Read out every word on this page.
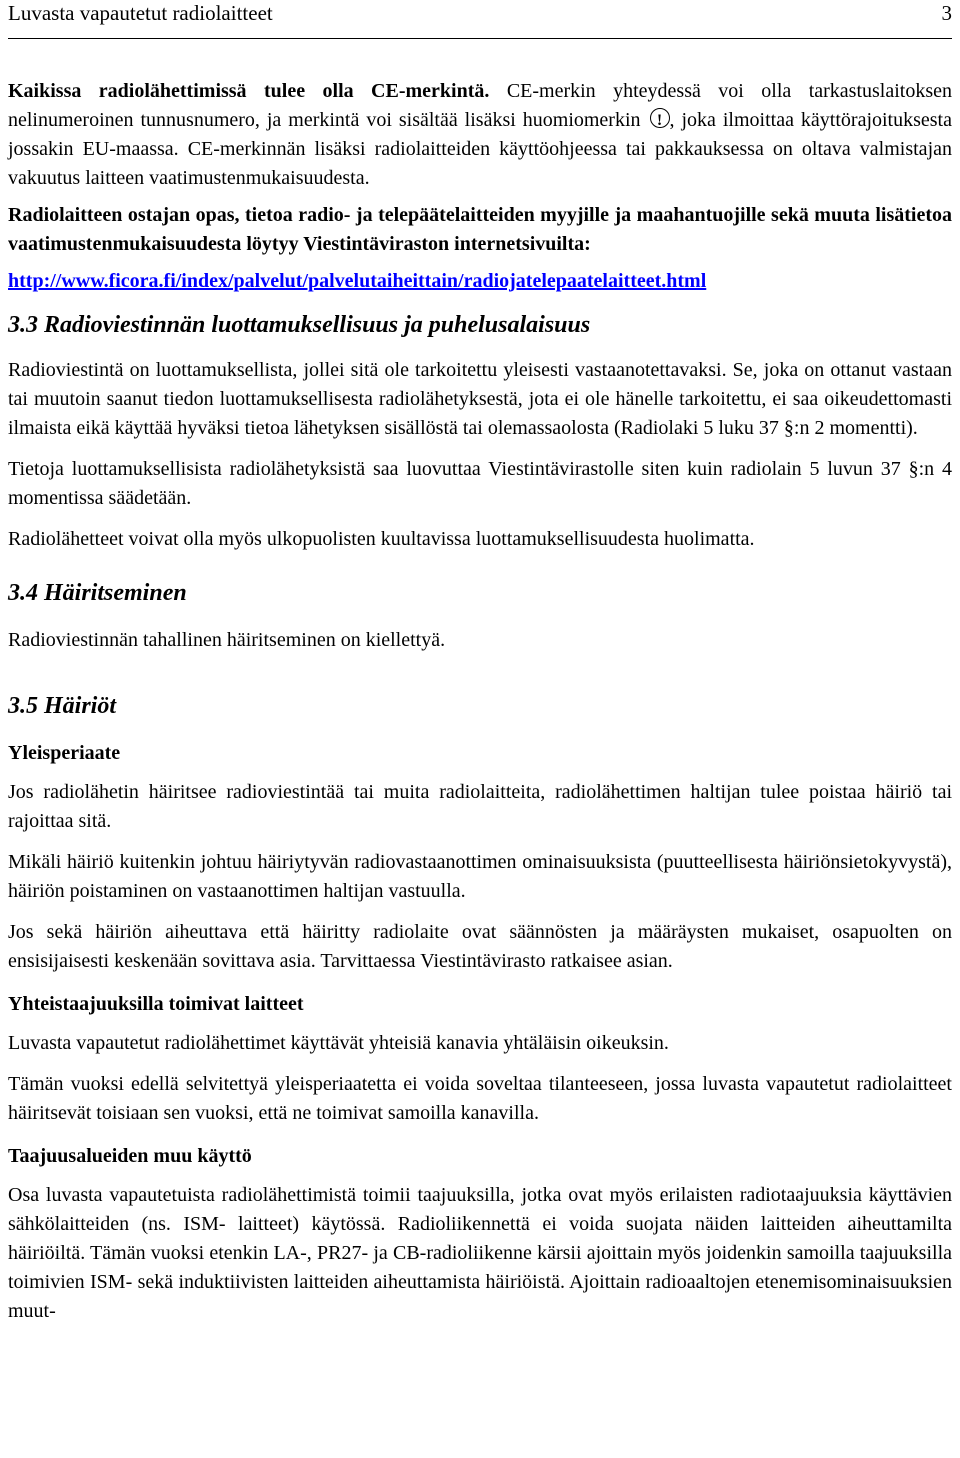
Luvasta vapautetut radiolaitteet	3

Kaikissa radiolähettimissä tulee olla CE-merkintä. CE-merkin yhteydessä voi olla tarkastuslaitoksen nelinumeroinen tunnusnumero, ja merkintä voi sisältää lisäksi huomiomerkin !, joka ilmoittaa käyttörajoituksesta jossakin EU-maassa. CE-merkinnän lisäksi radiolaitteiden käyttöohjeessa tai pakkauksessa on oltava valmistajan vakuutus laitteen vaatimustenmukaisuudesta.

Radiolaitteen ostajan opas, tietoa radio- ja telepäätelaitteiden myyjille ja maahantuojille sekä muuta lisätietoa vaatimustenmukaisuudesta löytyy Viestintäviraston internetsivuilta:

http://www.ficora.fi/index/palvelut/palvelutaiheittain/radiojatelepaatelaitteet.html
3.3 Radioviestinnän luottamuksellisuus ja puhelusalaisuus

Radioviestintä on luottamuksellista, jollei sitä ole tarkoitettu yleisesti vastaanotettavaksi. Se, joka on ottanut vastaan tai muutoin saanut tiedon luottamuksellisesta radiolähetyksestä, jota ei ole hänelle tarkoitettu, ei saa oikeudettomasti ilmaista eikä käyttää hyväksi tietoa lähetyksen sisällöstä tai olemassaolosta (Radiolaki 5 luku 37 §:n 2 momentti).

Tietoja luottamuksellisista radiolähetyksistä saa luovuttaa Viestintävirastolle siten kuin radiolain 5 luvun 37 §:n 4 momentissa säädetään.

Radiolähetteet voivat olla myös ulkopuolisten kuultavissa luottamuksellisuudesta huolimatta.

3.4 Häiritseminen

Radioviestinnän tahallinen häiritseminen on kiellettyä.

3.5 Häiriöt
Yleisperiaate

Jos radiolähetin häiritsee radioviestintää tai muita radiolaitteita, radiolähettimen haltijan tulee poistaa häiriö tai rajoittaa sitä.

Mikäli häiriö kuitenkin johtuu häiriytyvän radiovastaanottimen ominaisuuksista (puutteellisesta häiriönsietokyvystä), häiriön poistaminen on vastaanottimen haltijan vastuulla.

Jos sekä häiriön aiheuttava että häiritty radiolaite ovat säännösten ja määräysten mukaiset, osapuolten on ensisijaisesti keskenään sovittava asia. Tarvittaessa Viestintävirasto ratkaisee asian.

Yhteistaajuuksilla toimivat laitteet

Luvasta vapautetut radiolähettimet käyttävät yhteisiä kanavia yhtäläisin oikeuksin.

Tämän vuoksi edellä selvitettyä yleisperiaatetta ei voida soveltaa tilanteeseen, jossa luvasta vapautetut radiolaitteet häiritsevät toisiaan sen vuoksi, että ne toimivat samoilla kanavilla.

Taajuusalueiden muu käyttö

Osa luvasta vapautetuista radiolähettimistä toimii taajuuksilla, jotka ovat myös erilaisten radiotaajuuksia käyttävien sähkölaitteiden (ns. ISM- laitteet) käytössä. Radioliikennettä ei voida suojata näiden laitteiden aiheuttamilta häiriöiltä. Tämän vuoksi etenkin LA-, PR27- ja CB-radioliikenne kärsii ajoittain myös joidenkin samoilla taajuuksilla toimivien ISM- sekä induktiivisten laitteiden aiheuttamista häiriöistä. Ajoittain radioaaltojen etenemisominaisuuksien muut-
